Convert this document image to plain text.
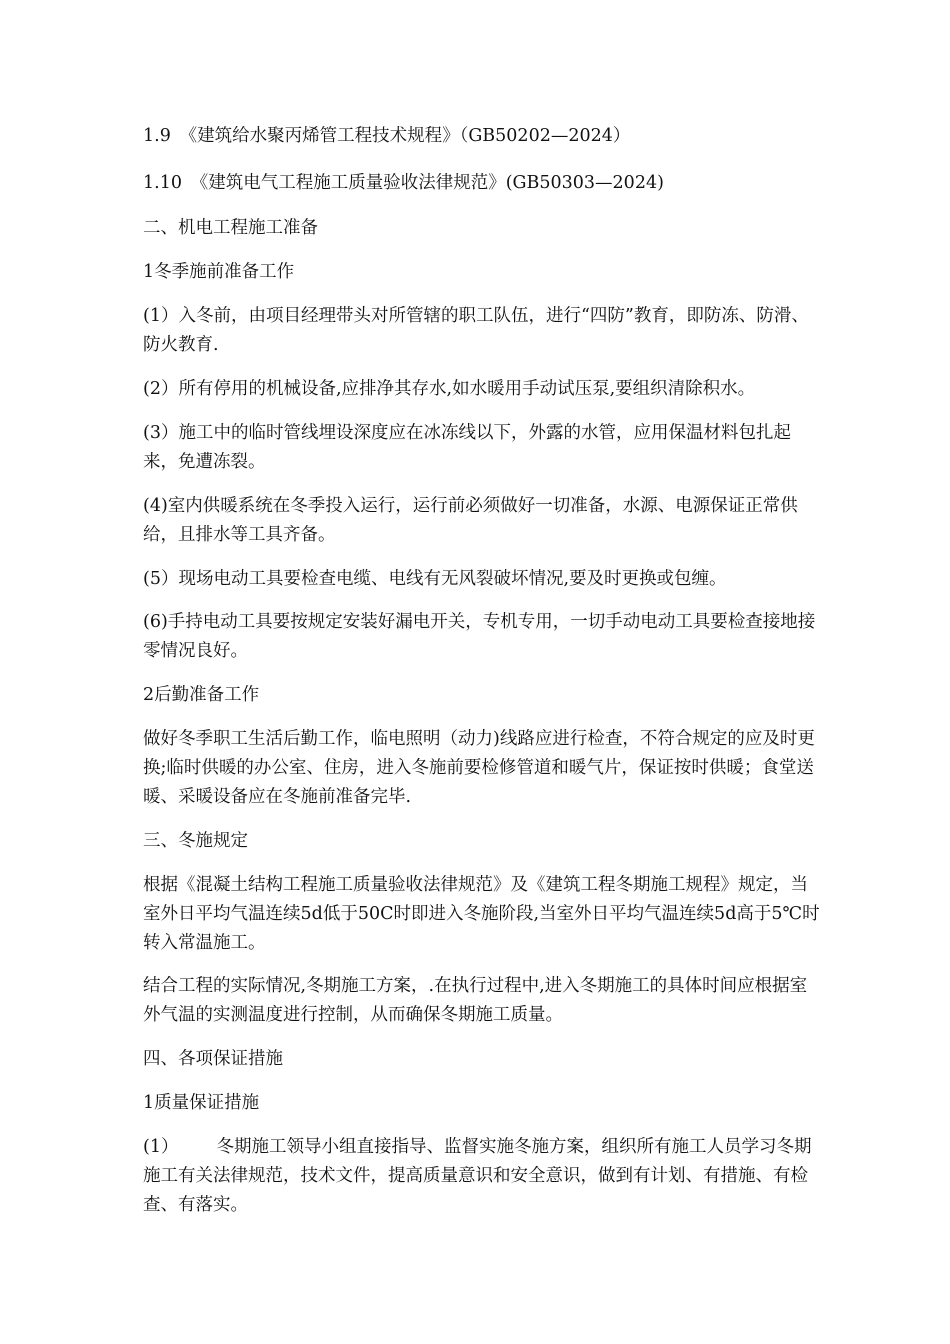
1.9　《建筑给水聚丙烯管工程技术规程》（GB50202—2024）

1.10　《建筑电气工程施工质量验收法律规范》(GB50303—2024)

二、机电工程施工准备

1冬季施前准备工作

(1）入冬前，由项目经理带头对所管辖的职工队伍，进行“四防”教育，即防冻、防滑、防火教育.

(2）所有停用的机械设备,应排净其存水,如水暖用手动试压泵,要组织清除积水。

(3）施工中的临时管线埋设深度应在冰冻线以下，外露的水管，应用保温材料包扎起来，免遭冻裂。

(4)室内供暖系统在冬季投入运行，运行前必须做好一切准备，水源、电源保证正常供给，且排水等工具齐备。

(5）现场电动工具要检查电缆、电线有无风裂破坏情况,要及时更换或包缠。

(6)手持电动工具要按规定安装好漏电开关，专机专用，一切手动电动工具要检查接地接零情况良好。

2后勤准备工作

做好冬季职工生活后勤工作，临电照明（动力)线路应进行检查，不符合规定的应及时更换;临时供暖的办公室、住房，进入冬施前要检修管道和暖气片，保证按时供暖；食堂送暖、采暖设备应在冬施前准备完毕.

三、冬施规定

根据《混凝土结构工程施工质量验收法律规范》及《建筑工程冬期施工规程》规定，当室外日平均气温连续5d低于50C时即进入冬施阶段,当室外日平均气温连续5d高于5℃时转入常温施工。

结合工程的实际情况,冬期施工方案，.在执行过程中,进入冬期施工的具体时间应根据室外气温的实测温度进行控制，从而确保冬期施工质量。

四、各项保证措施

1质量保证措施

(1） 冬期施工领导小组直接指导、监督实施冬施方案，组织所有施工人员学习冬期施工有关法律规范，技术文件，提高质量意识和安全意识，做到有计划、有措施、有检查、有落实。
